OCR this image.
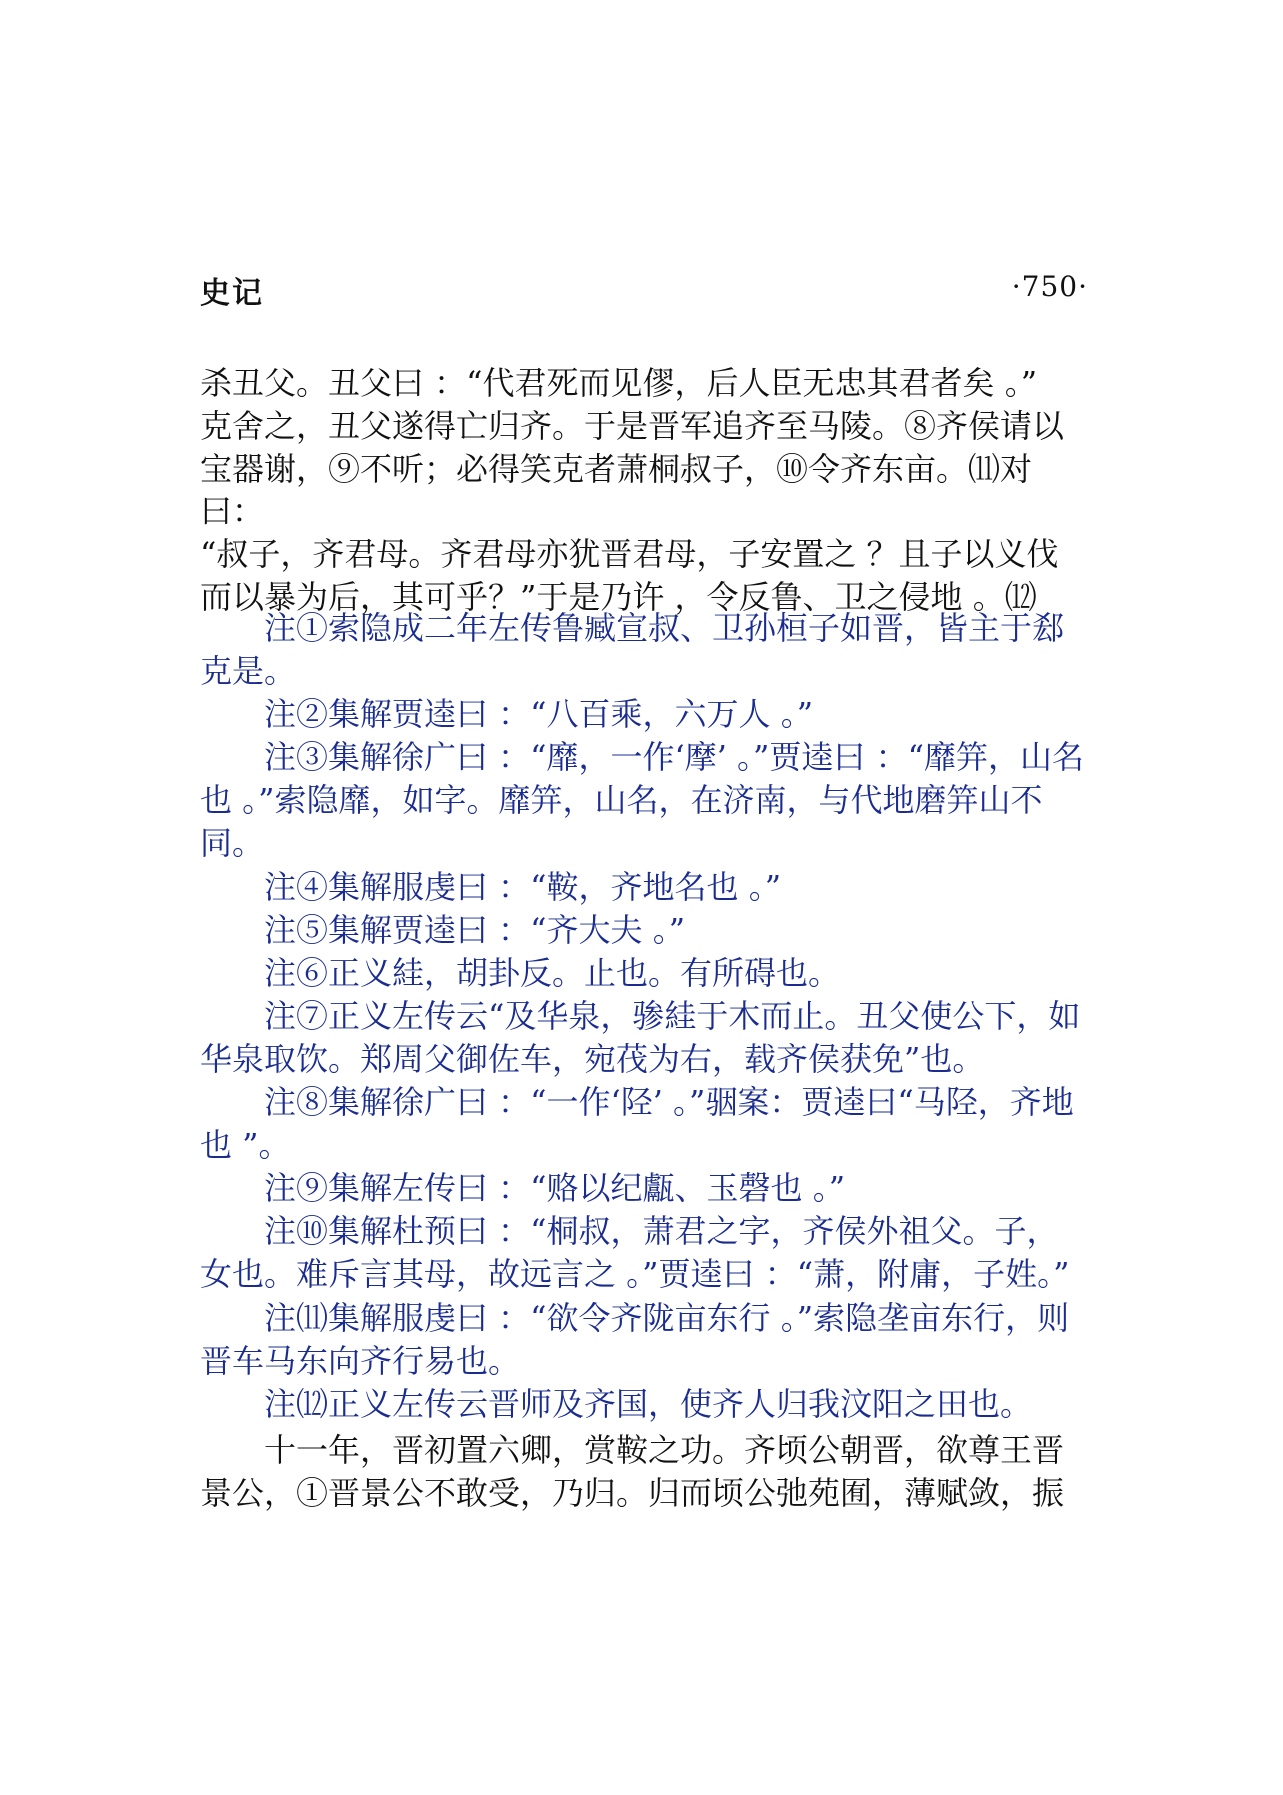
史记	·750·

杀丑父。丑父曰 ：“代君死而见僇，后人臣无忠其君者矣 。”

克舍之，丑父遂得亡归齐。于是晋军追齐至马陵。⑧齐侯请以

宝器谢，⑨不听；必得笑克者萧桐叔子，⑩令齐东亩。⑾对曰：

“叔子，齐君母。齐君母亦犹晋君母，子安置之 ？且子以义伐

而以暴为后，其可乎？”于是乃许 ，令反鲁、卫之侵地 。⑿

注①索隐成二年左传鲁臧宣叔、卫孙桓子如晋，皆主于郄克是。

注②集解贾逵曰 ：“八百乘，六万人 。”

注③集解徐广曰 ：“靡，一作‘摩’ 。”贾逵曰 ：“靡笄，山名也 。”索隐靡，如字。靡笄，山名，在济南，与代地磨笄山不同。

注④集解服虔曰 ：“鞍，齐地名也 。”

注⑤集解贾逵曰 ：“齐大夫 。”

注⑥正义絓，胡卦反。止也。有所碍也。

注⑦正义左传云“及华泉，骖絓于木而止。丑父使公下，如华泉取饮。郑周父御佐车，宛茷为右，载齐侯获免”也。

注⑧集解徐广曰 ：“一作‘陉’ 。”骃案：贾逵曰“马陉，齐地也 ”。

注⑨集解左传曰 ：“赂以纪甗、玉磬也 。”

注⑩集解杜预曰 ：“桐叔，萧君之字，齐侯外祖父。子，女也。难斥言其母，故远言之 。”贾逵曰 ：“萧，附庸，子姓。”

注⑾集解服虔曰 ：“欲令齐陇亩东行 。”索隐垄亩东行，则晋车马东向齐行易也。

注⑿正义左传云晋师及齐国，使齐人归我汶阳之田也。

十一年，晋初置六卿，赏鞍之功。齐顷公朝晋，欲尊王晋景公，①晋景公不敢受，乃归。归而顷公弛苑囿，薄赋敛，振
